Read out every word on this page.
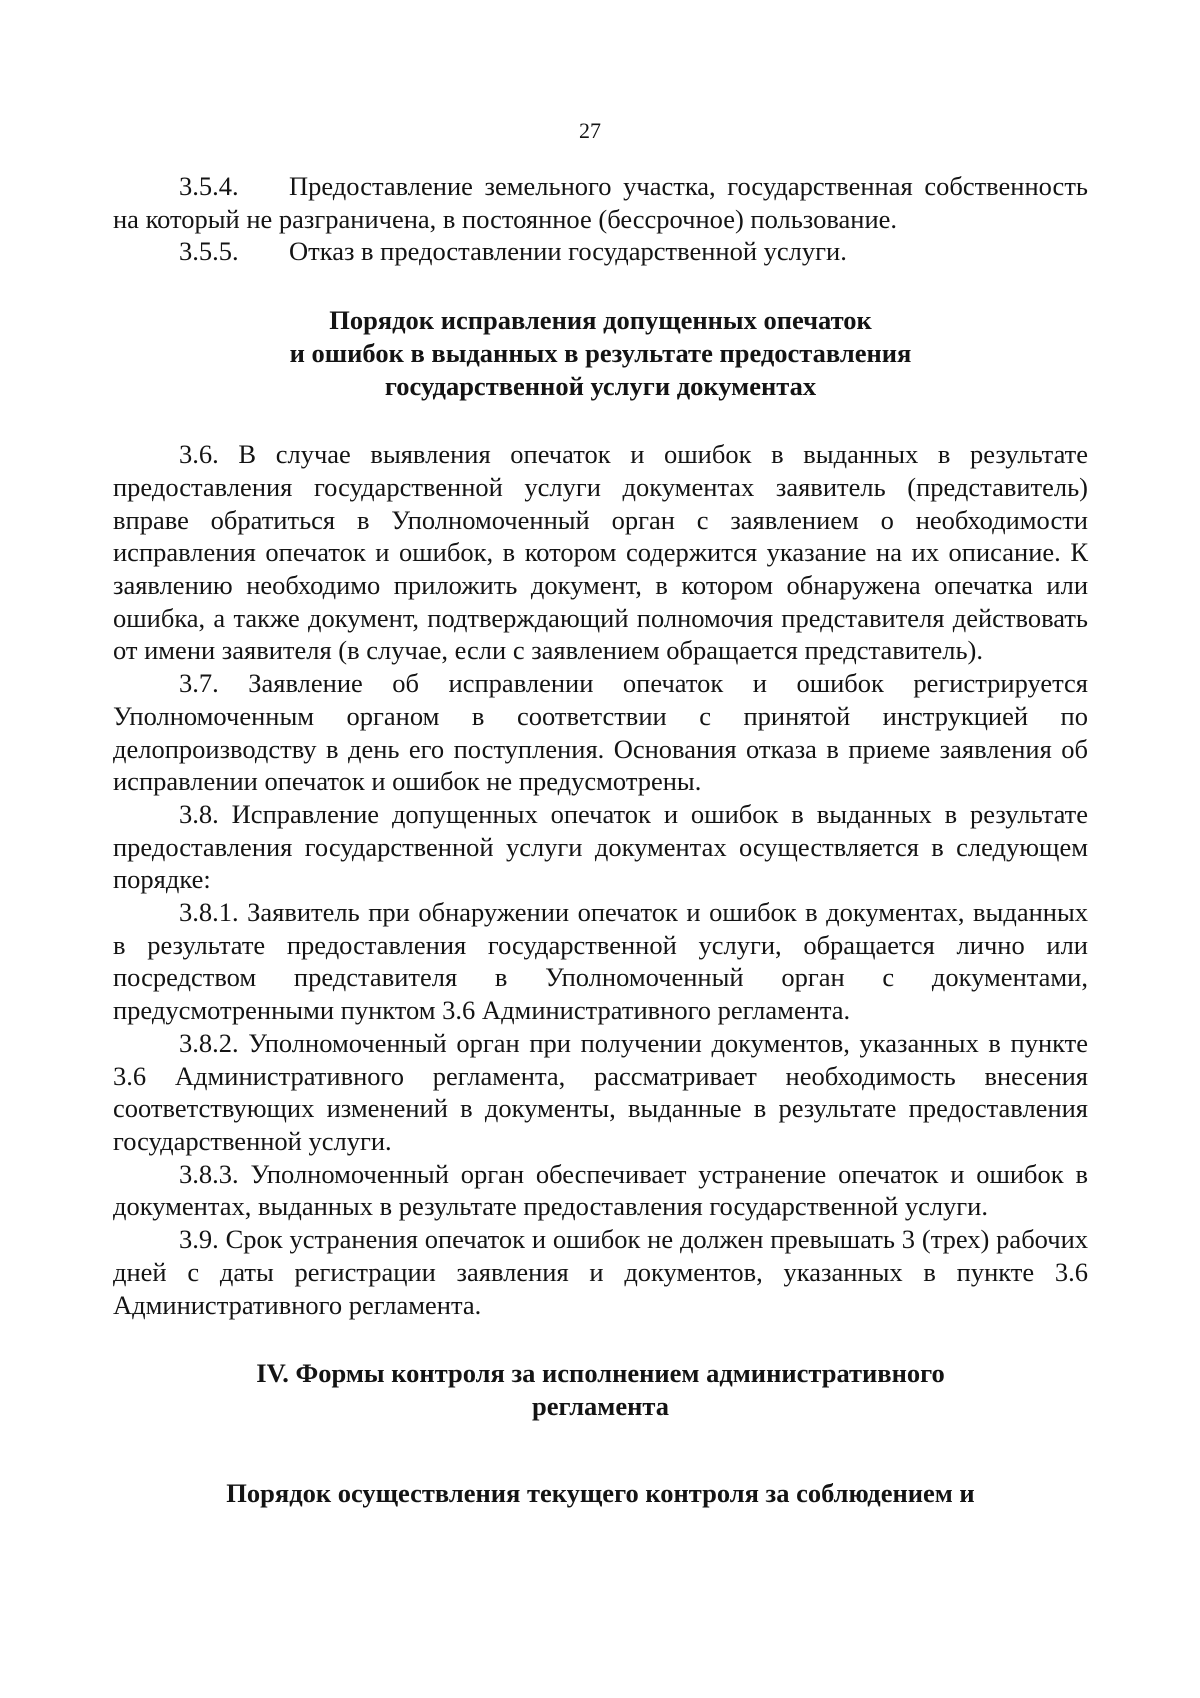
27

3.5.4. Предоставление земельного участка, государственная собственность на который не разграничена, в постоянное (бессрочное) пользование.

3.5.5. Отказ в предоставлении государственной услуги.

Порядок исправления допущенных опечаток
и ошибок в выданных в результате предоставления
государственной услуги документах

3.6. В случае выявления опечаток и ошибок в выданных в результате предоставления государственной услуги документах заявитель (представитель) вправе обратиться в Уполномоченный орган с заявлением о необходимости исправления опечаток и ошибок, в котором содержится указание на их описание. К заявлению необходимо приложить документ, в котором обнаружена опечатка или ошибка, а также документ, подтверждающий полномочия представителя действовать от имени заявителя (в случае, если с заявлением обращается представитель).

3.7. Заявление об исправлении опечаток и ошибок регистрируется Уполномоченным органом в соответствии с принятой инструкцией по делопроизводству в день его поступления. Основания отказа в приеме заявления об исправлении опечаток и ошибок не предусмотрены.

3.8. Исправление допущенных опечаток и ошибок в выданных в результате предоставления государственной услуги документах осуществляется в следующем порядке:

3.8.1. Заявитель при обнаружении опечаток и ошибок в документах, выданных в результате предоставления государственной услуги, обращается лично или посредством представителя в Уполномоченный орган с документами, предусмотренными пунктом 3.6 Административного регламента.

3.8.2. Уполномоченный орган при получении документов, указанных в пункте 3.6 Административного регламента, рассматривает необходимость внесения соответствующих изменений в документы, выданные в результате предоставления государственной услуги.

3.8.3. Уполномоченный орган обеспечивает устранение опечаток и ошибок в документах, выданных в результате предоставления государственной услуги.

3.9. Срок устранения опечаток и ошибок не должен превышать 3 (трех) рабочих дней с даты регистрации заявления и документов, указанных в пункте 3.6 Административного регламента.

IV. Формы контроля за исполнением административного
регламента
Порядок осуществления текущего контроля за соблюдением и
